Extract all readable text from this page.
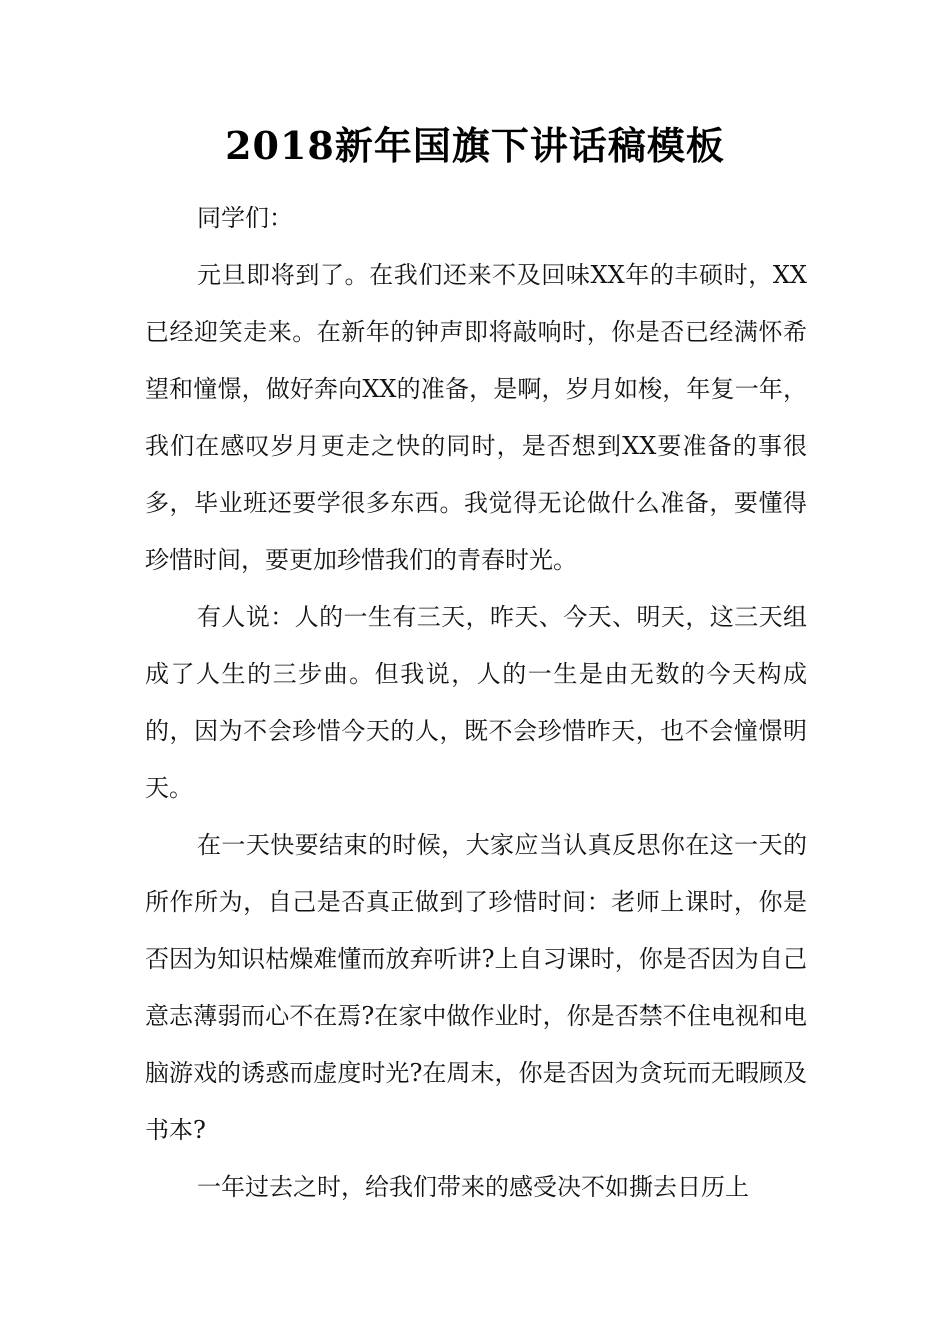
2018新年国旗下讲话稿模板

同学们：

元旦即将到了。在我们还来不及回味XX年的丰硕时，XX已经迎笑走来。在新年的钟声即将敲响时，你是否已经满怀希望和憧憬，做好奔向XX的准备，是啊，岁月如梭，年复一年，我们在感叹岁月更走之快的同时，是否想到XX要准备的事很多，毕业班还要学很多东西。我觉得无论做什么准备，要懂得珍惜时间，要更加珍惜我们的青春时光。

有人说：人的一生有三天，昨天、今天、明天，这三天组成了人生的三步曲。但我说，人的一生是由无数的今天构成的，因为不会珍惜今天的人，既不会珍惜昨天，也不会憧憬明天。

在一天快要结束的时候，大家应当认真反思你在这一天的所作所为，自己是否真正做到了珍惜时间：老师上课时，你是否因为知识枯燥难懂而放弃听讲?上自习课时，你是否因为自己意志薄弱而心不在焉?在家中做作业时，你是否禁不住电视和电脑游戏的诱惑而虚度时光?在周末，你是否因为贪玩而无暇顾及书本?

一年过去之时，给我们带来的感受决不如撕去日历上
